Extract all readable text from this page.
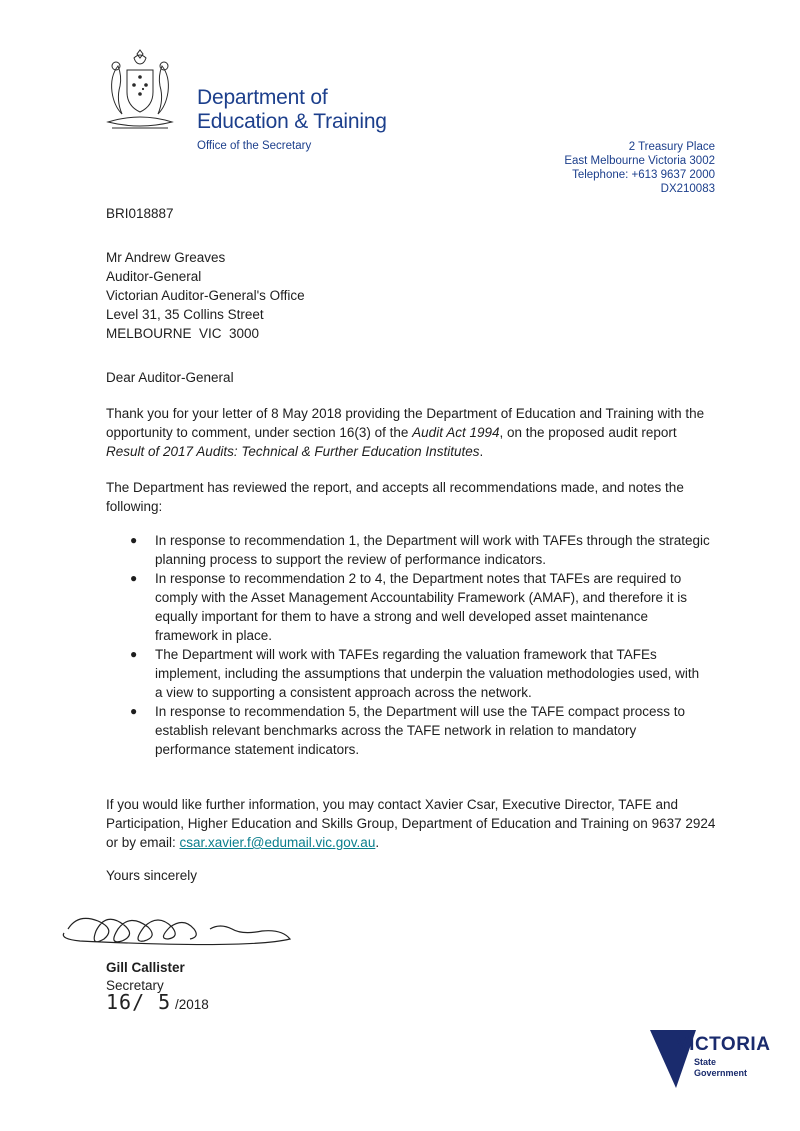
Department of
Education & Training
Office of the Secretary	2 Treasury Place
East Melbourne Victoria 3002
Telephone: +613 9637 2000
DX210083
BRI018887
Mr Andrew Greaves
Auditor-General
Victorian Auditor-General's Office
Level 31, 35 Collins Street
MELBOURNE  VIC  3000
Dear Auditor-General
Thank you for your letter of 8 May 2018 providing the Department of Education and Training with the opportunity to comment, under section 16(3) of the Audit Act 1994, on the proposed audit report Result of 2017 Audits: Technical & Further Education Institutes.
The Department has reviewed the report, and accepts all recommendations made, and notes the following:
● In response to recommendation 1, the Department will work with TAFEs through the strategic planning process to support the review of performance indicators.
● In response to recommendation 2 to 4, the Department notes that TAFEs are required to comply with the Asset Management Accountability Framework (AMAF), and therefore it is equally important for them to have a strong and well developed asset maintenance framework in place.
● The Department will work with TAFEs regarding the valuation framework that TAFEs implement, including the assumptions that underpin the valuation methodologies used, with a view to supporting a consistent approach across the network.
● In response to recommendation 5, the Department will use the TAFE compact process to establish relevant benchmarks across the TAFE network in relation to mandatory performance statement indicators.
If you would like further information, you may contact Xavier Csar, Executive Director, TAFE and Participation, Higher Education and Skills Group, Department of Education and Training on 9637 2924 or by email: csar.xavier.f@edumail.vic.gov.au.
Yours sincerely
Gill Callister
Secretary
16/ 5 /2018
VICTORIA
State
Government
